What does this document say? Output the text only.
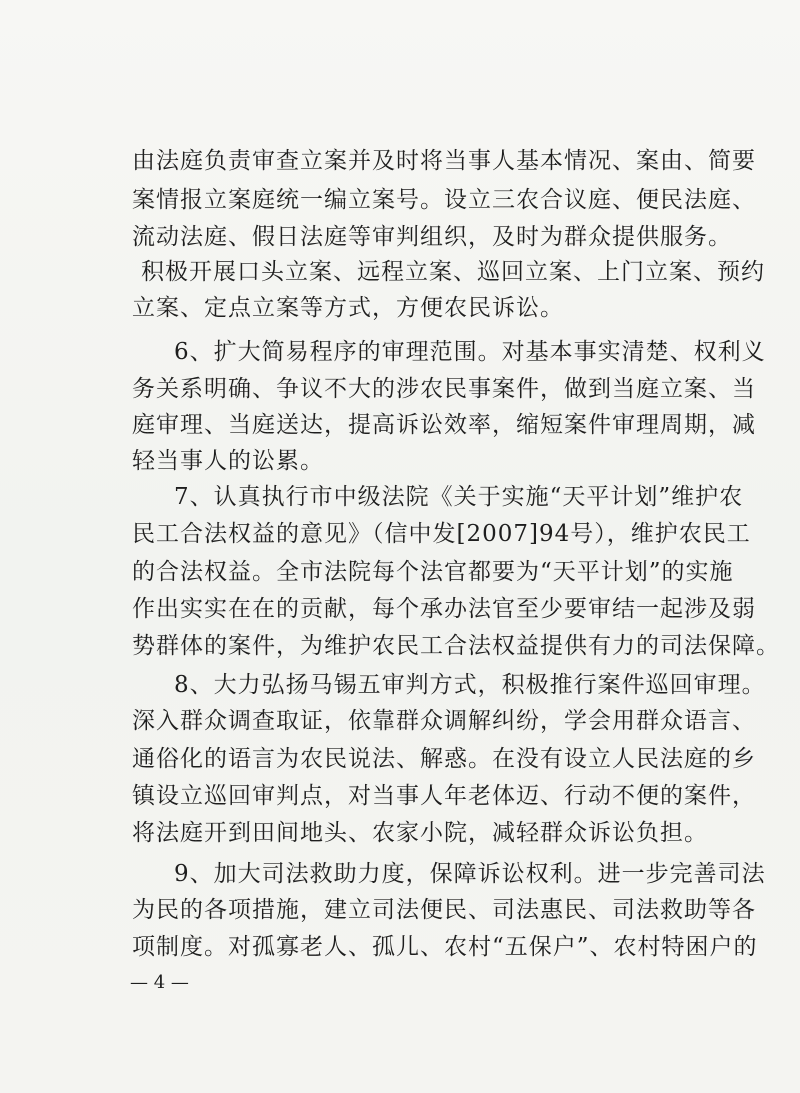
由法庭负责审查立案并及时将当事人基本情况、案由、简要
案情报立案庭统一编立案号。设立三农合议庭、便民法庭、
流动法庭、假日法庭等审判组织，及时为群众提供服务。
积极开展口头立案、远程立案、巡回立案、上门立案、预约
立案、定点立案等方式，方便农民诉讼。
6、扩大简易程序的审理范围。对基本事实清楚、权利义
务关系明确、争议不大的涉农民事案件，做到当庭立案、当
庭审理、当庭送达，提高诉讼效率，缩短案件审理周期，减
轻当事人的讼累。
7、认真执行市中级法院《关于实施“天平计划”维护农
民工合法权益的意见》（信中发[2007]94号），维护农民工
的合法权益。全市法院每个法官都要为“天平计划”的实施
作出实实在在的贡献，每个承办法官至少要审结一起涉及弱
势群体的案件，为维护农民工合法权益提供有力的司法保障。
8、大力弘扬马锡五审判方式，积极推行案件巡回审理。
深入群众调查取证，依靠群众调解纠纷，学会用群众语言、
通俗化的语言为农民说法、解惑。在没有设立人民法庭的乡
镇设立巡回审判点，对当事人年老体迈、行动不便的案件，
将法庭开到田间地头、农家小院，减轻群众诉讼负担。
9、加大司法救助力度，保障诉讼权利。进一步完善司法
为民的各项措施，建立司法便民、司法惠民、司法救助等各
项制度。对孤寡老人、孤儿、农村“五保户”、农村特困户的
— 4 —
